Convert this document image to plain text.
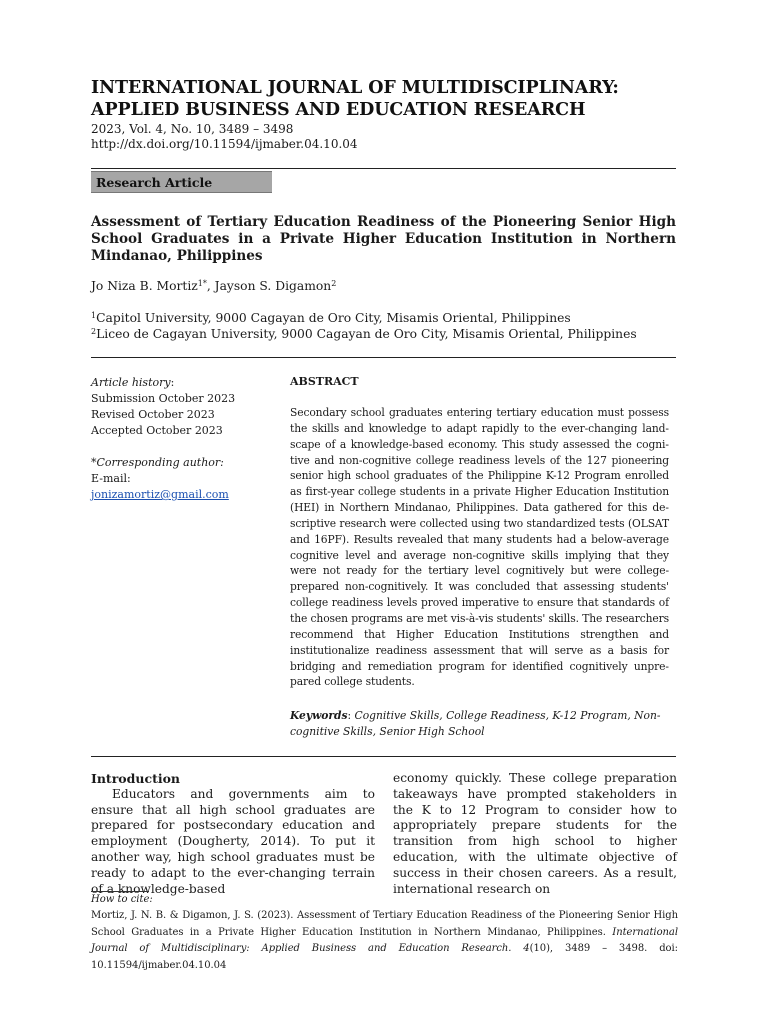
INTERNATIONAL JOURNAL OF MULTIDISCIPLINARY: APPLIED BUSINESS AND EDUCATION RESEARCH
2023, Vol. 4, No. 10, 3489 – 3498
http://dx.doi.org/10.11594/ijmaber.04.10.04
Research Article
Assessment of Tertiary Education Readiness of the Pioneering Senior High School Graduates in a Private Higher Education Institution in Northern Mindanao, Philippines
Jo Niza B. Mortiz$^{1*}$, Jayson S. Digamon$^2$
$^1$Capitol University, 9000 Cagayan de Oro City, Misamis Oriental, Philippines
$^2$Liceo de Cagayan University, 9000 Cagayan de Oro City, Misamis Oriental, Philippines
Article history:
Submission October 2023
Revised October 2023
Accepted October 2023
*Corresponding author:
E-mail:
jonizamortiz@gmail.com
ABSTRACT
Secondary school graduates entering tertiary education must possess the skills and knowledge to adapt rapidly to the ever-changing landscape of a knowledge-based economy. This study assessed the cognitive and non-cognitive college readiness levels of the 127 pioneering senior high school graduates of the Philippine K-12 Program enrolled as first-year college students in a private Higher Education Institution (HEI) in Northern Mindanao, Philippines. Data gathered for this descriptive research were collected using two standardized tests (OLSAT and 16PF). Results revealed that many students had a below-average cognitive level and average non-cognitive skills implying that they were not ready for the tertiary level cognitively but were college-prepared non-cognitively. It was concluded that assessing students' college readiness levels proved imperative to ensure that standards of the chosen programs are met vis-à-vis students' skills. The researchers recommend that Higher Education Institutions strengthen and institutionalize readiness assessment that will serve as a basis for bridging and remediation program for identified cognitively unprepared college students.
Keywords: Cognitive Skills, College Readiness, K-12 Program, Non-cognitive Skills, Senior High School
Introduction
Educators and governments aim to ensure that all high school graduates are prepared for postsecondary education and employment (Dougherty, 2014). To put it another way, high school graduates must be ready to adapt to the ever-changing terrain of a knowledge-based
economy quickly. These college preparation takeaways have prompted stakeholders in the K to 12 Program to consider how to appropriately prepare students for the transition from high school to higher education, with the ultimate objective of success in their chosen careers. As a result, international research on
How to cite:
Mortiz, J. N. B. & Digamon, J. S. (2023). Assessment of Tertiary Education Readiness of the Pioneering Senior High School Graduates in a Private Higher Education Institution in Northern Mindanao, Philippines. International Journal of Multidisciplinary: Applied Business and Education Research. 4(10), 3489 – 3498. doi: 10.11594/ijmaber.04.10.04
